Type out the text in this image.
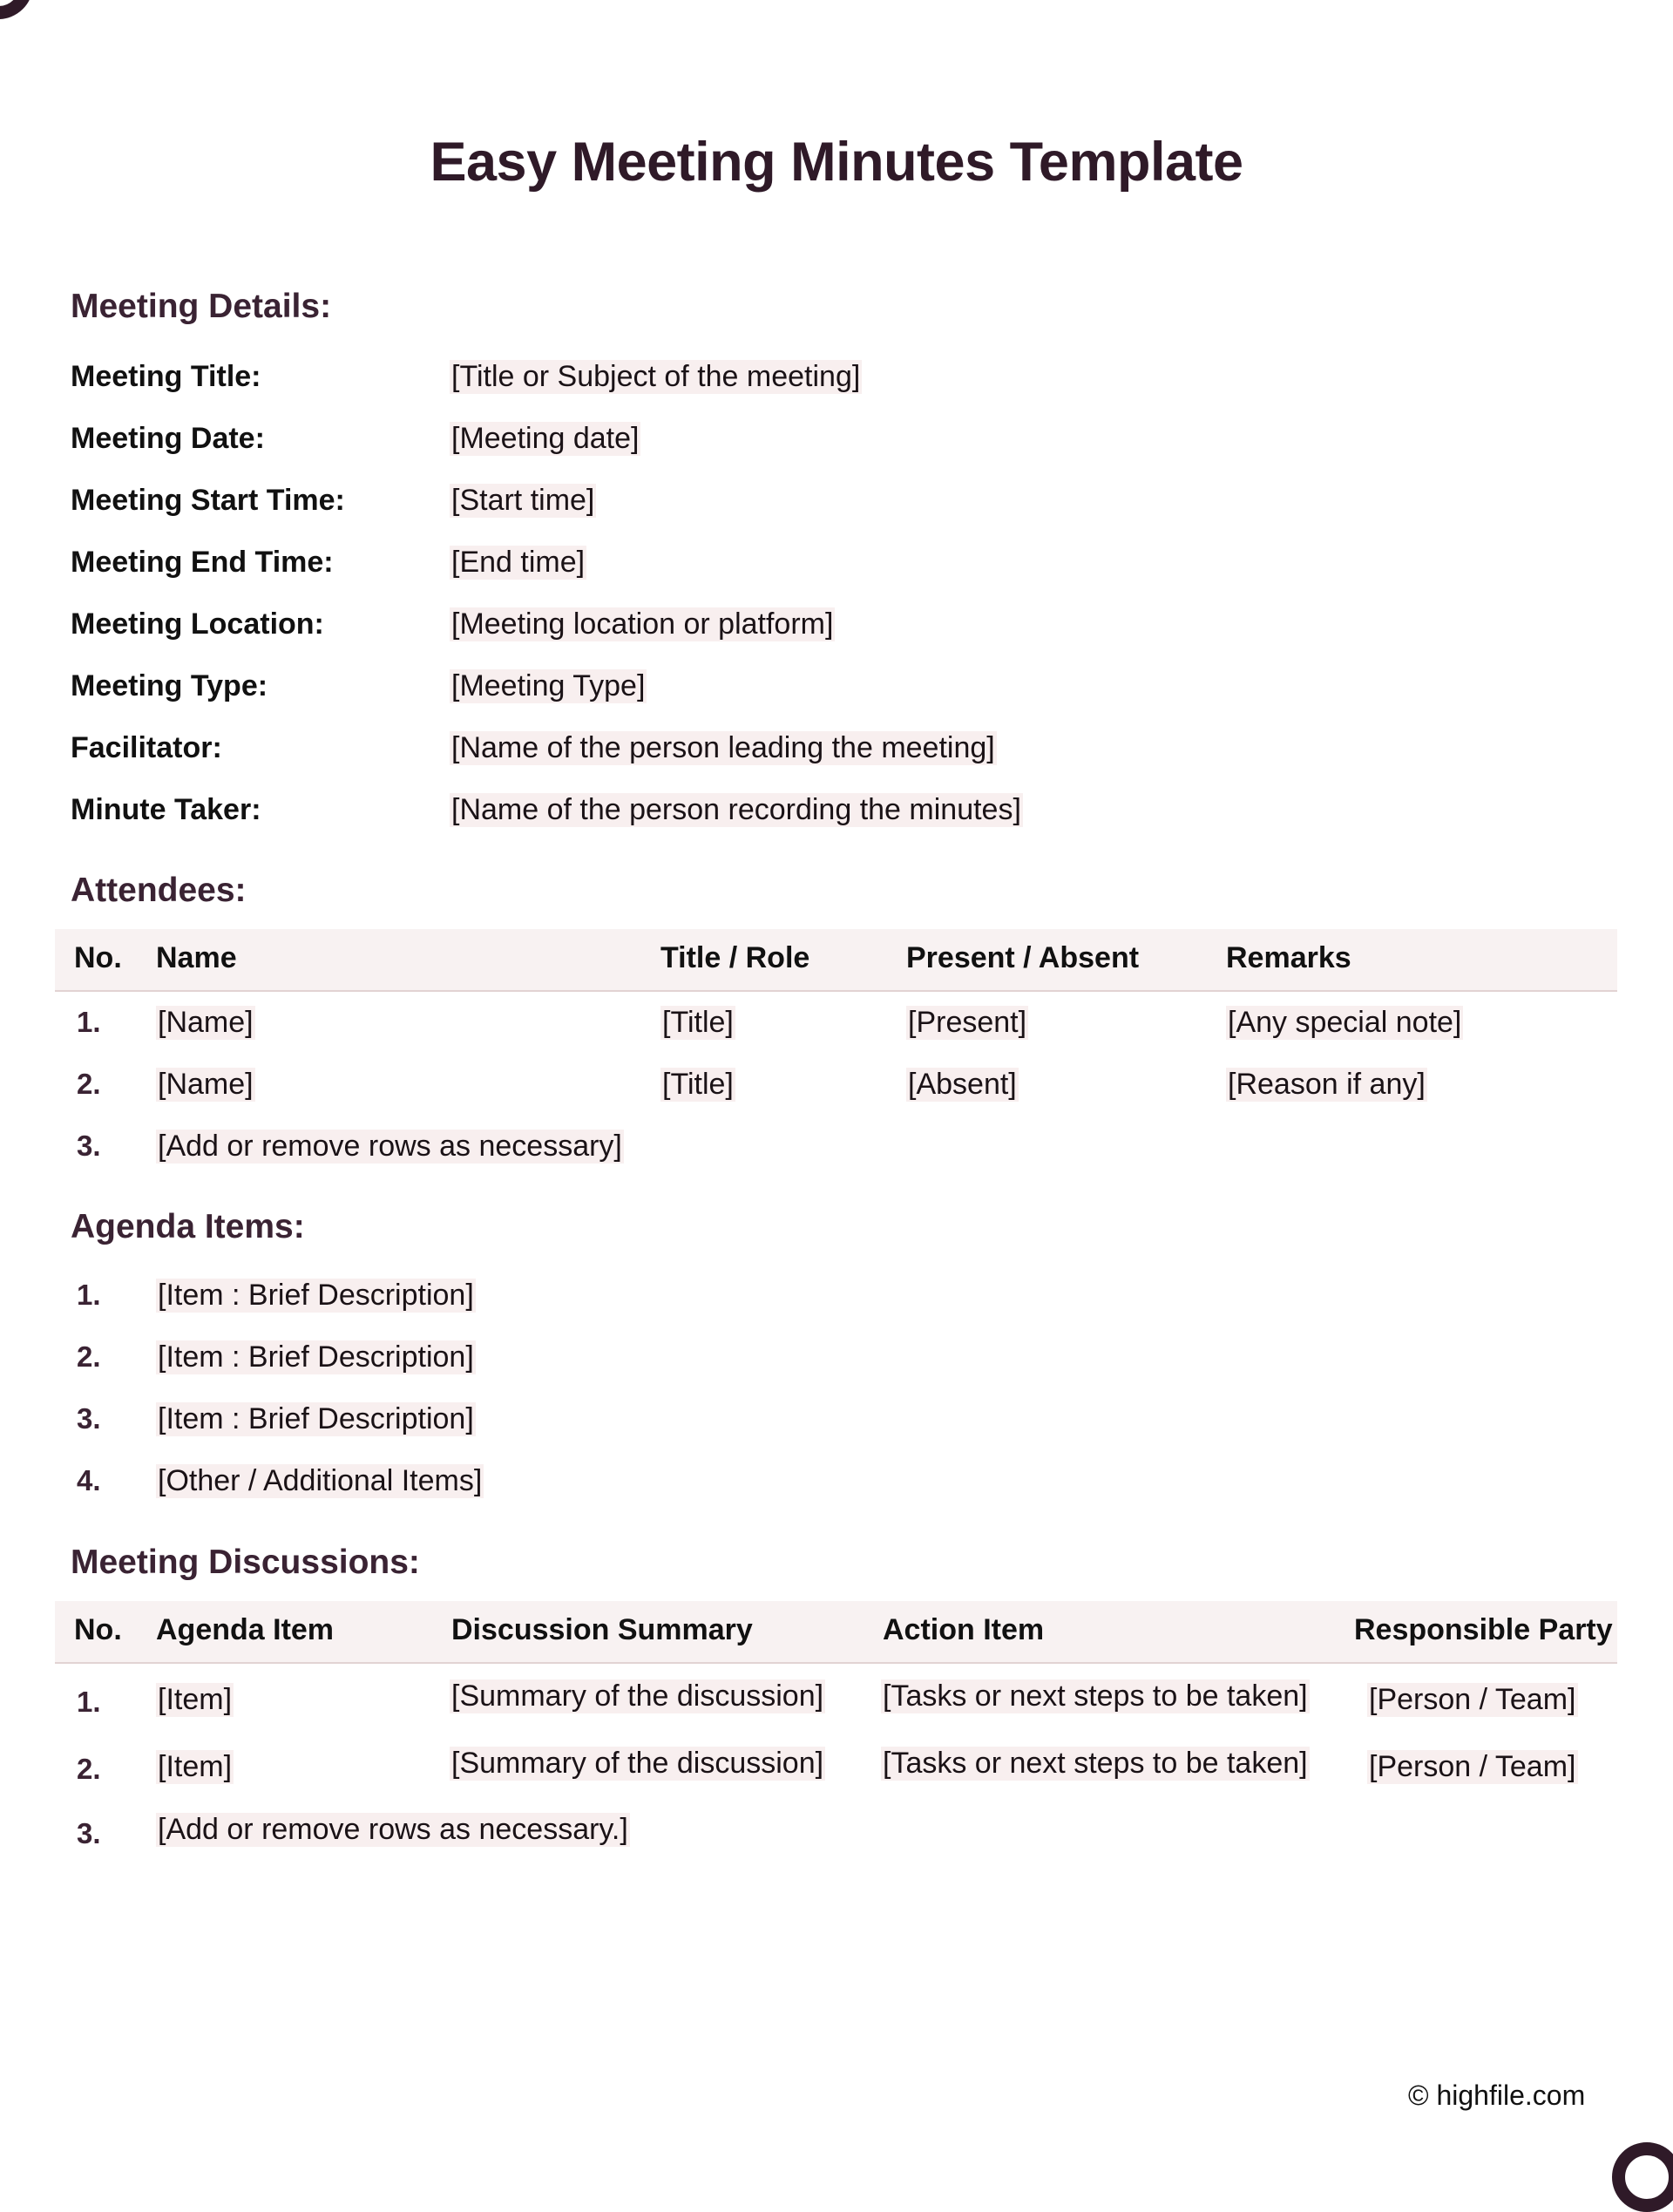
Easy Meeting Minutes Template
Meeting Details:
Meeting Title:	[Title or Subject of the meeting]
Meeting Date:	[Meeting date]
Meeting Start Time:	[Start time]
Meeting End Time:	[End time]
Meeting Location:	[Meeting location or platform]
Meeting Type:	[Meeting Type]
Facilitator:	[Name of the person leading the meeting]
Minute Taker:	[Name of the person recording the minutes]
Attendees:
No. Name	Title / Role	Present / Absent	Remarks
1. [Name]	[Title]	[Present]	[Any special note]
2. [Name]	[Title]	[Absent]	[Reason if any]
3. [Add or remove rows as necessary]
Agenda Items:
1. [Item : Brief Description]
2. [Item : Brief Description]
3. [Item : Brief Description]
4. [Other / Additional Items]
Meeting Discussions:
No. Agenda Item	Discussion Summary	Action Item	Responsible Party
1. [Item]	[Summary of the discussion] [Tasks or next steps to be taken] [Person / Team]
2. [Item]	[Summary of the discussion] [Tasks or next steps to be taken] [Person / Team]
3. [Add or remove rows as necessary.]
© highfile.com
